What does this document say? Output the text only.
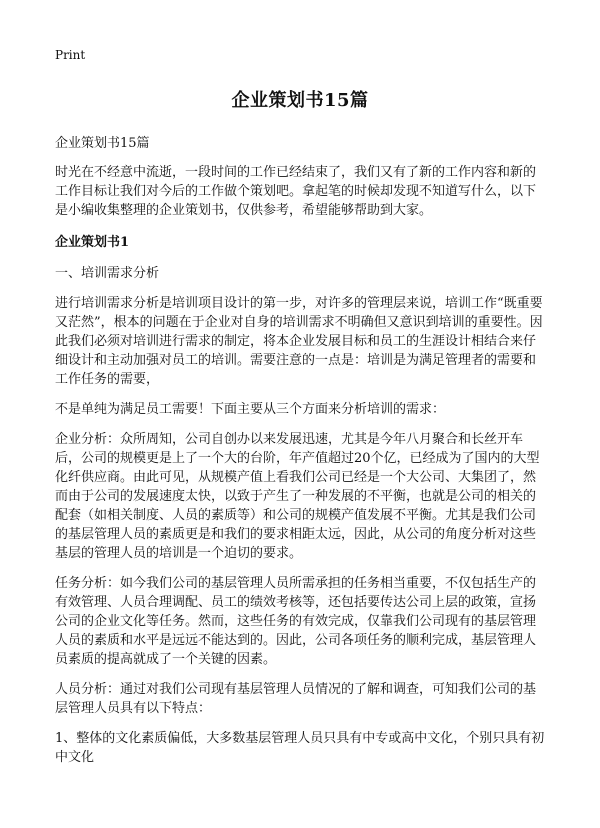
Print
企业策划书15篇

企业策划书15篇

时光在不经意中流逝，一段时间的工作已经结束了，我们又有了新的工作内容和新的工作目标让我们对今后的工作做个策划吧。拿起笔的时候却发现不知道写什么，以下是小编收集整理的企业策划书，仅供参考，希望能够帮助到大家。

企业策划书1

一、培训需求分析

进行培训需求分析是培训项目设计的第一步，对许多的管理层来说，培训工作“既重要又茫然”，根本的问题在于企业对自身的培训需求不明确但又意识到培训的重要性。因此我们必须对培训进行需求的制定，将本企业发展目标和员工的生涯设计相结合来仔细设计和主动加强对员工的培训。需要注意的一点是：培训是为满足管理者的需要和工作任务的需要，

不是单纯为满足员工需要！下面主要从三个方面来分析培训的需求：

企业分析：众所周知，公司自创办以来发展迅速，尤其是今年八月聚合和长丝开车后，公司的规模更是上了一个大的台阶，年产值超过20个亿，已经成为了国内的大型化纤供应商。由此可见，从规模产值上看我们公司已经是一个大公司、大集团了，然而由于公司的发展速度太快，以致于产生了一种发展的不平衡，也就是公司的相关的配套（如相关制度、人员的素质等）和公司的规模产值发展不平衡。尤其是我们公司的基层管理人员的素质更是和我们的要求相距太远，因此，从公司的角度分析对这些基层的管理人员的培训是一个迫切的要求。

任务分析：如今我们公司的基层管理人员所需承担的任务相当重要，不仅包括生产的有效管理、人员合理调配、员工的绩效考核等，还包括要传达公司上层的政策，宣扬公司的企业文化等任务。然而，这些任务的有效完成，仅靠我们公司现有的基层管理人员的素质和水平是远远不能达到的。因此，公司各项任务的顺利完成，基层管理人员素质的提高就成了一个关键的因素。

人员分析：通过对我们公司现有基层管理人员情况的了解和调查，可知我们公司的基层管理人员具有以下特点：

1、整体的文化素质偏低，大多数基层管理人员只具有中专或高中文化，个别只具有初中文化
